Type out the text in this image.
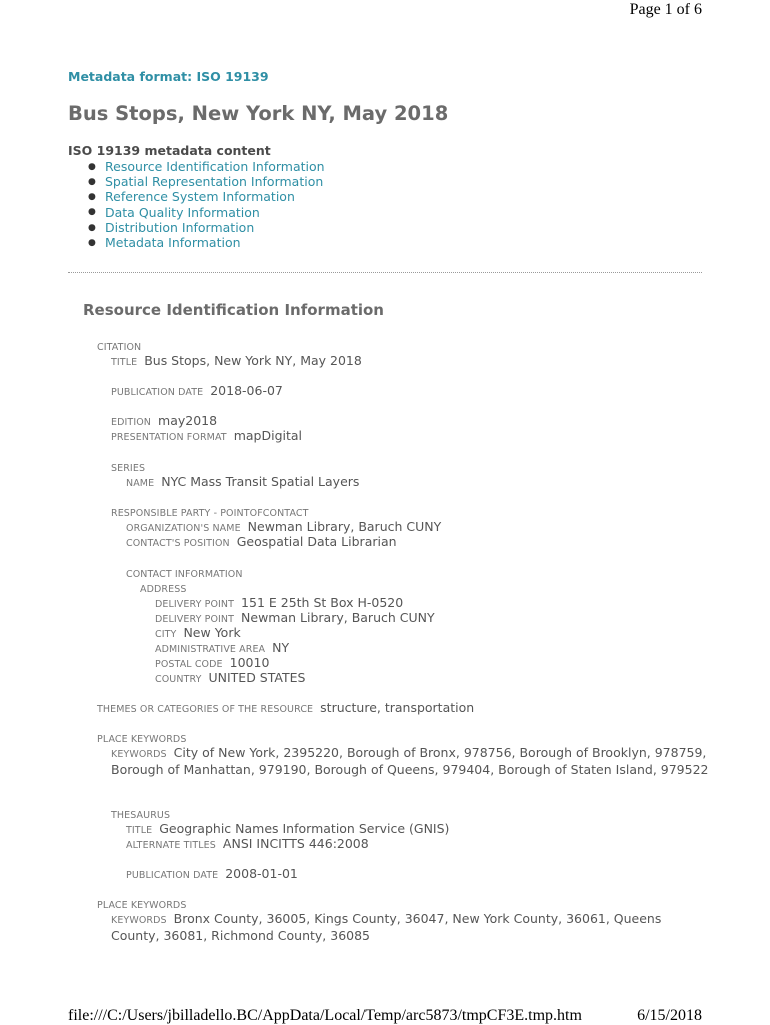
Page 1 of 6
Metadata format: ISO 19139
Bus Stops, New York NY, May 2018
ISO 19139 metadata content
● Resource Identification Information
● Spatial Representation Information
● Reference System Information
● Data Quality Information
● Distribution Information
● Metadata Information
Resource Identification Information
CITATION
TITLE Bus Stops, New York NY, May 2018
PUBLICATION DATE 2018-06-07
EDITION may2018
PRESENTATION FORMAT mapDigital
SERIES
NAME NYC Mass Transit Spatial Layers
RESPONSIBLE PARTY - POINTOFCONTACT
ORGANIZATION'S NAME Newman Library, Baruch CUNY
CONTACT'S POSITION Geospatial Data Librarian
CONTACT INFORMATION
ADDRESS
DELIVERY POINT 151 E 25th St Box H-0520
DELIVERY POINT Newman Library, Baruch CUNY
CITY New York
ADMINISTRATIVE AREA NY
POSTAL CODE 10010
COUNTRY UNITED STATES
THEMES OR CATEGORIES OF THE RESOURCE structure, transportation
PLACE KEYWORDS
KEYWORDS City of New York, 2395220, Borough of Bronx, 978756, Borough of Brooklyn, 978759, Borough of Manhattan, 979190, Borough of Queens, 979404, Borough of Staten Island, 979522
THESAURUS
TITLE Geographic Names Information Service (GNIS)
ALTERNATE TITLES ANSI INCITTS 446:2008
PUBLICATION DATE 2008-01-01
PLACE KEYWORDS
KEYWORDS Bronx County, 36005, Kings County, 36047, New York County, 36061, Queens County, 36081, Richmond County, 36085
file:///C:/Users/jbilladello.BC/AppData/Local/Temp/arc5873/tmpCF3E.tmp.htm	6/15/2018
